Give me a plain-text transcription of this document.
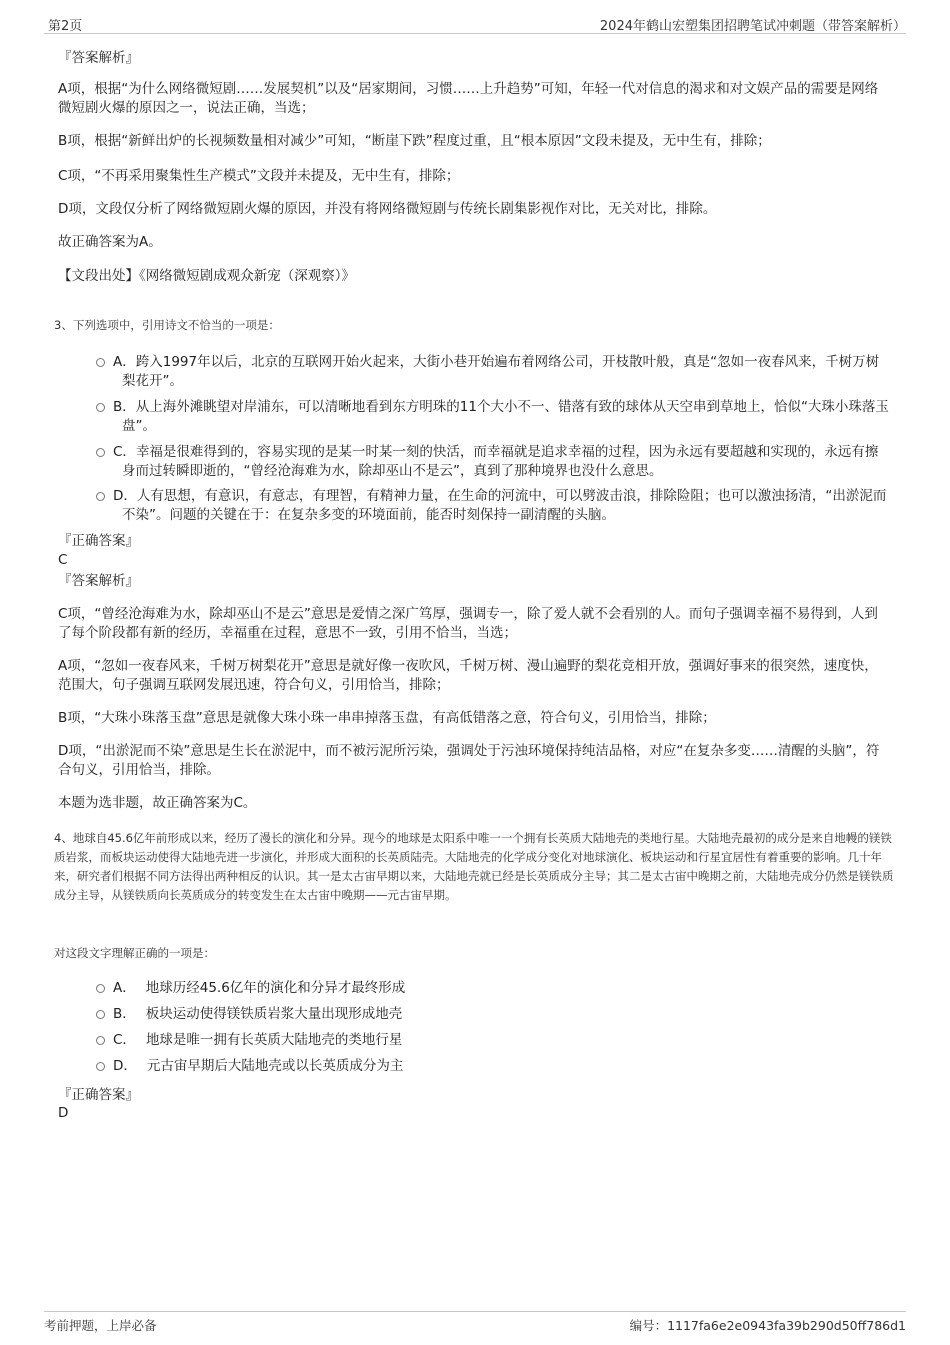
第2页	2024年鹤山宏塑集团招聘笔试冲刺题（带答案解析）
『答案解析』
A项，根据“为什么网络微短剧……发展契机”以及“居家期间，习惯……上升趋势”可知，年轻一代对信息的渴求和对文娱产品的需要是网络微短剧火爆的原因之一，说法正确，当选；
B项，根据“新鲜出炉的长视频数量相对减少”可知，“断崖下跌”程度过重，且“根本原因”文段未提及，无中生有，排除；
C项，“不再采用聚集性生产模式”文段并未提及，无中生有，排除；
D项，文段仅分析了网络微短剧火爆的原因，并没有将网络微短剧与传统长剧集影视作对比，无关对比，排除。
故正确答案为A。
【文段出处】《网络微短剧成观众新宠（深观察）》
3、下列选项中，引用诗文不恰当的一项是：
A．跨入1997年以后，北京的互联网开始火起来，大街小巷开始遍布着网络公司，开枝散叶般，真是“忽如一夜春风来，千树万树梨花开”。
B．从上海外滩眺望对岸浦东，可以清晰地看到东方明珠的11个大小不一、错落有致的球体从天空串到草地上，恰似“大珠小珠落玉盘”。
C．幸福是很难得到的，容易实现的是某一时某一刻的快活，而幸福就是追求幸福的过程，因为永远有要超越和实现的，永远有擦身而过转瞬即逝的，“曾经沧海难为水，除却巫山不是云”，真到了那种境界也没什么意思。
D．人有思想，有意识，有意志，有理智，有精神力量，在生命的河流中，可以劈波击浪，排除险阻；也可以激浊扬清，“出淤泥而不染”。问题的关键在于：在复杂多变的环境面前，能否时刻保持一副清醒的头脑。
『正确答案』
C
『答案解析』
C项，“曾经沧海难为水，除却巫山不是云”意思是爱情之深广笃厚，强调专一，除了爱人就不会看别的人。而句子强调幸福不易得到，人到了每个阶段都有新的经历，幸福重在过程，意思不一致，引用不恰当，当选；
A项，“忽如一夜春风来，千树万树梨花开”意思是就好像一夜吹风，千树万树、漫山遍野的梨花竞相开放，强调好事来的很突然，速度快，范围大，句子强调互联网发展迅速，符合句义，引用恰当，排除；
B项，“大珠小珠落玉盘”意思是就像大珠小珠一串串掉落玉盘，有高低错落之意，符合句义，引用恰当，排除；
D项，“出淤泥而不染”意思是生长在淤泥中，而不被污泥所污染，强调处于污浊环境保持纯洁品格，对应“在复杂多变……清醒的头脑”，符合句义，引用恰当，排除。
本题为选非题，故正确答案为C。
4、地球自45.6亿年前形成以来，经历了漫长的演化和分异。现今的地球是太阳系中唯一一个拥有长英质大陆地壳的类地行星。大陆地壳最初的成分是来自地幔的镁铁质岩浆，而板块运动使得大陆地壳进一步演化，并形成大面积的长英质陆壳。大陆地壳的化学成分变化对地球演化、板块运动和行星宜居性有着重要的影响。几十年来，研究者们根据不同方法得出两种相反的认识。其一是太古宙早期以来，大陆地壳就已经是长英质成分主导；其二是太古宙中晚期之前，大陆地壳成分仍然是镁铁质成分主导，从镁铁质向长英质成分的转变发生在太古宙中晚期——元古宙早期。
对这段文字理解正确的一项是：
A． 地球历经45.6亿年的演化和分异才最终形成
B． 板块运动使得镁铁质岩浆大量出现形成地壳
C． 地球是唯一拥有长英质大陆地壳的类地行星
D． 元古宙早期后大陆地壳或以长英质成分为主
『正确答案』
D
考前押题，上岸必备	编号：1117fa6e2e0943fa39b290d50ff786d1
